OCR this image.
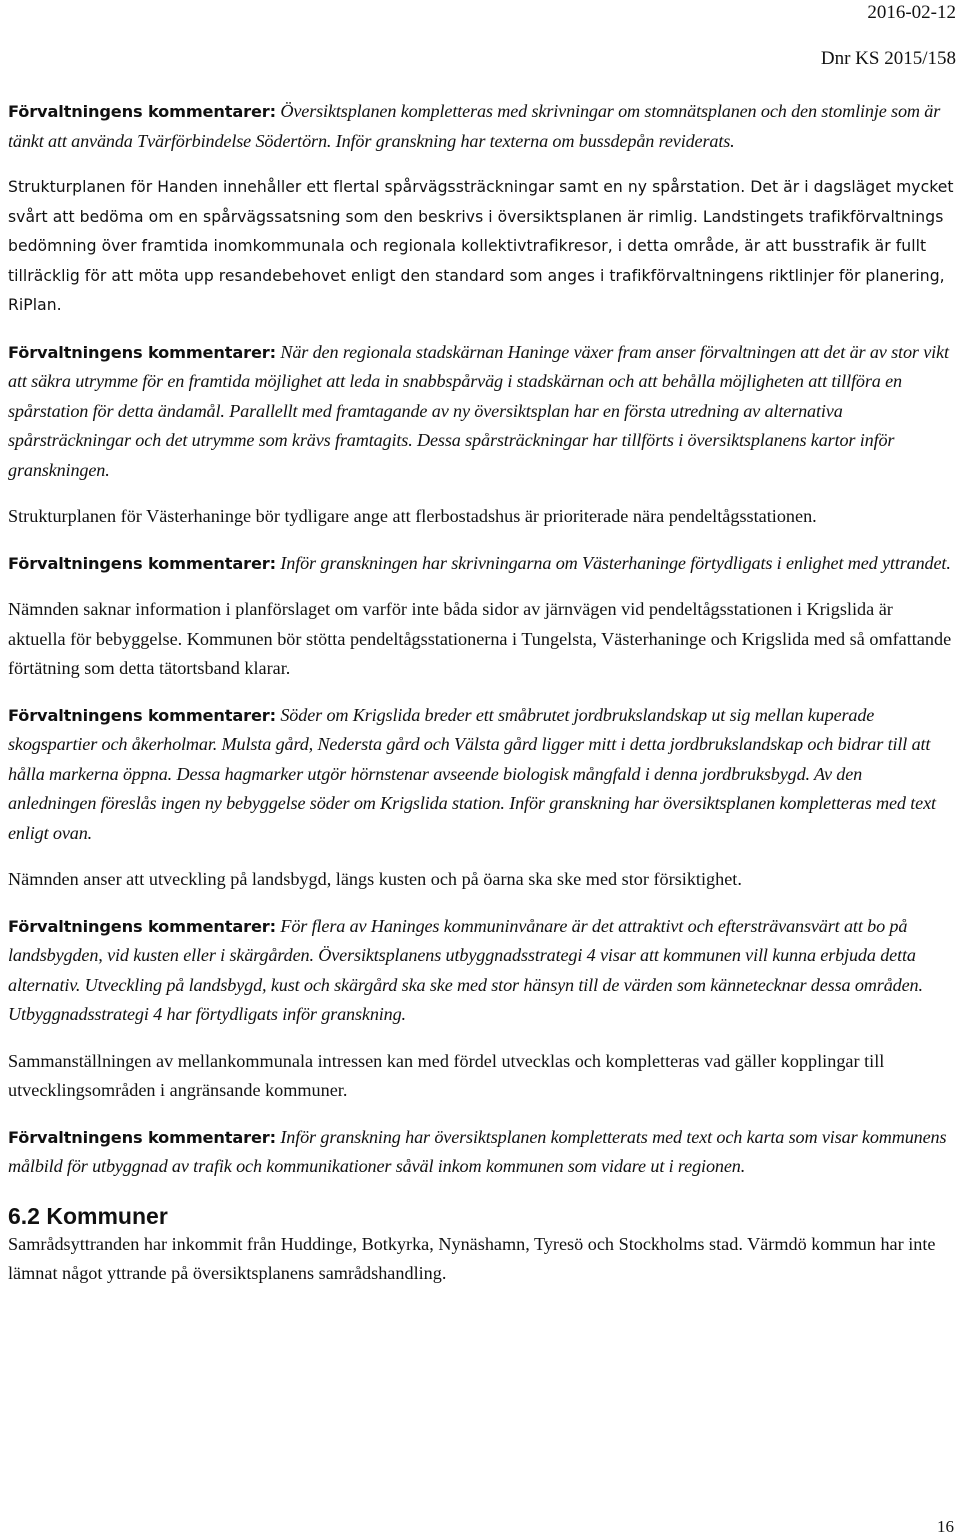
2016-02-12
Dnr KS 2015/158

Förvaltningens kommentarer: Översiktsplanen kompletteras med skrivningar om stomnätsplanen och den stomlinje som är tänkt att använda Tvärförbindelse Södertörn. Inför granskning har texterna om bussdepån reviderats.

Strukturplanen för Handen innehåller ett flertal spårvägssträckningar samt en ny spårstation. Det är i dagsläget mycket svårt att bedöma om en spårvägssatsning som den beskrivs i översiktsplanen är rimlig. Landstingets trafikförvaltnings bedömning över framtida inomkommunala och regionala kollektivtrafikresor, i detta område, är att busstrafik är fullt tillräcklig för att möta upp resandebehovet enligt den standard som anges i trafikförvaltningens riktlinjer för planering, RiPlan.

Förvaltningens kommentarer: När den regionala stadskärnan Haninge växer fram anser förvaltningen att det är av stor vikt att säkra utrymme för en framtida möjlighet att leda in snabbspårväg i stadskärnan och att behålla möjligheten att tillföra en spårstation för detta ändamål. Parallellt med framtagande av ny översiktsplan har en första utredning av alternativa spårsträckningar och det utrymme som krävs framtagits. Dessa spårsträckningar har tillförts i översiktsplanens kartor inför granskningen.

Strukturplanen för Västerhaninge bör tydligare ange att flerbostadshus är prioriterade nära pendeltågsstationen.

Förvaltningens kommentarer: Inför granskningen har skrivningarna om Västerhaninge förtydligats i enlighet med yttrandet.

Nämnden saknar information i planförslaget om varför inte båda sidor av järnvägen vid pendeltågsstationen i Krigslida är aktuella för bebyggelse. Kommunen bör stötta pendeltågsstationerna i Tungelsta, Västerhaninge och Krigslida med så omfattande förtätning som detta tätortsband klarar.

Förvaltningens kommentarer: Söder om Krigslida breder ett småbrutet jordbrukslandskap ut sig mellan kuperade skogspartier och åkerholmar. Mulsta gård, Nedersta gård och Välsta gård ligger mitt i detta jordbrukslandskap och bidrar till att hålla markerna öppna. Dessa hagmarker utgör hörnstenar avseende biologisk mångfald i denna jordbruksbygd. Av den anledningen föreslås ingen ny bebyggelse söder om Krigslida station. Inför granskning har översiktsplanen kompletteras med text enligt ovan.

Nämnden anser att utveckling på landsbygd, längs kusten och på öarna ska ske med stor försiktighet.

Förvaltningens kommentarer: För flera av Haninges kommuninvånare är det attraktivt och eftersträvansvärt att bo på landsbygden, vid kusten eller i skärgården. Översiktsplanens utbyggnadsstrategi 4 visar att kommunen vill kunna erbjuda detta alternativ. Utveckling på landsbygd, kust och skärgård ska ske med stor hänsyn till de värden som kännetecknar dessa områden. Utbyggnadsstrategi 4 har förtydligats inför granskning.

Sammanställningen av mellankommunala intressen kan med fördel utvecklas och kompletteras vad gäller kopplingar till utvecklingsområden i angränsande kommuner.

Förvaltningens kommentarer: Inför granskning har översiktsplanen kompletterats med text och karta som visar kommunens målbild för utbyggnad av trafik och kommunikationer såväl inkom kommunen som vidare ut i regionen.

6.2 Kommuner

Samrådsyttranden har inkommit från Huddinge, Botkyrka, Nynäshamn, Tyresö och Stockholms stad. Värmdö kommun har inte lämnat något yttrande på översiktsplanens samrådshandling.

16
